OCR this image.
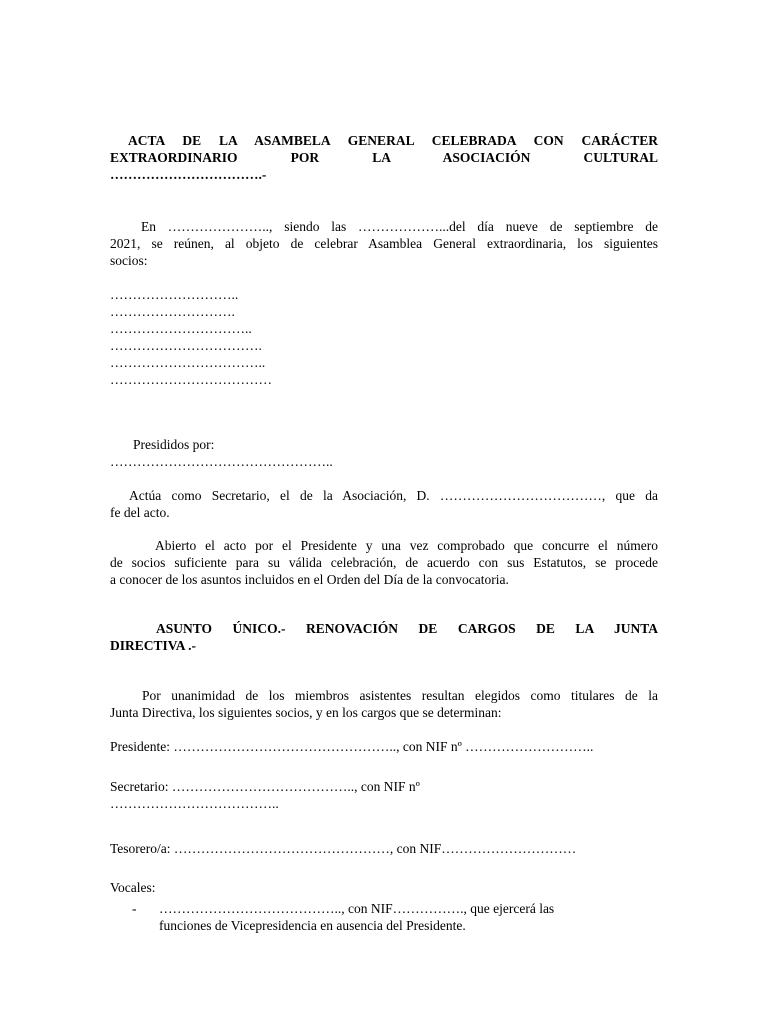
ACTA DE LA ASAMBELA GENERAL CELEBRADA CON CARÁCTER
EXTRAORDINARIO POR LA ASOCIACIÓN CULTURAL
…………………………….-
En ………………….., siendo las ………………...del día nueve de septiembre de
2021, se reúnen, al objeto de celebrar Asamblea General extraordinaria, los siguientes
socios:
………………………..
……………………….
…………………………..
…………………………….
……………………………..
………………………………
Presididos por:
…………………………………………..
Actúa como Secretario, el de la Asociación, D. ………………………………, que da
fe del acto.
Abierto el acto por el Presidente y una vez comprobado que concurre el número
de socios suficiente para su válida celebración, de acuerdo con sus Estatutos, se procede
a conocer de los asuntos incluidos en el Orden del Día de la convocatoria.
ASUNTO ÚNICO.- RENOVACIÓN DE CARGOS DE LA JUNTA
DIRECTIVA .-
Por unanimidad de los miembros asistentes resultan elegidos como titulares de la
Junta Directiva, los siguientes socios, y en los cargos que se determinan:
Presidente: ………………………………………….., con NIF nº ………………………..
Secretario: ………………………………….., con NIF nº
………………………………..
Tesorero/a: …………………………………………, con NIF…………………………
Vocales:
- ………………………………….., con NIF……………., que ejercerá las
funciones de Vicepresidencia en ausencia del Presidente.
